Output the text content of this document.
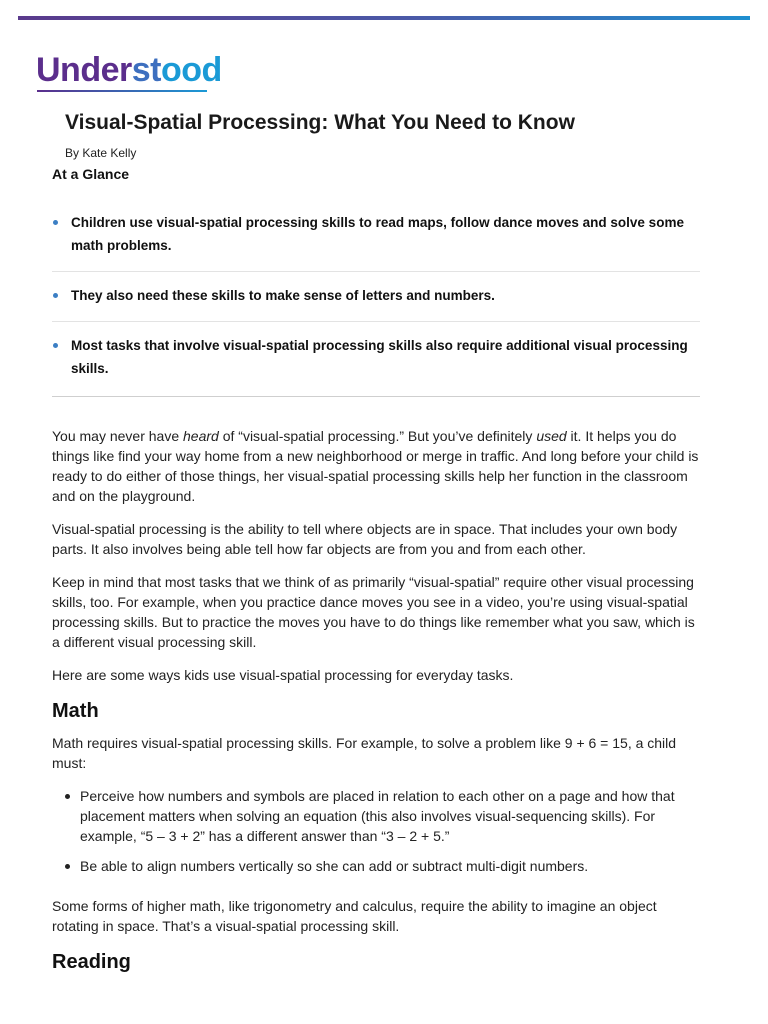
Understood
Visual-Spatial Processing: What You Need to Know
By Kate Kelly
At a Glance
Children use visual-spatial processing skills to read maps, follow dance moves and solve some math problems.
They also need these skills to make sense of letters and numbers.
Most tasks that involve visual-spatial processing skills also require additional visual processing skills.

You may never have heard of “visual-spatial processing.” But you’ve definitely used it. It helps you do things like find your way home from a new neighborhood or merge in traffic. And long before your child is ready to do either of those things, her visual-spatial processing skills help her function in the classroom and on the playground.

Visual-spatial processing is the ability to tell where objects are in space. That includes your own body parts. It also involves being able tell how far objects are from you and from each other.

Keep in mind that most tasks that we think of as primarily “visual-spatial” require other visual processing skills, too. For example, when you practice dance moves you see in a video, you’re using visual-spatial processing skills. But to practice the moves you have to do things like remember what you saw, which is a different visual processing skill.

Here are some ways kids use visual-spatial processing for everyday tasks.

Math

Math requires visual-spatial processing skills. For example, to solve a problem like 9 + 6 = 15, a child must:

Perceive how numbers and symbols are placed in relation to each other on a page and how that placement matters when solving an equation (this also involves visual-sequencing skills). For example, “5 – 3 + 2” has a different answer than “3 – 2 + 5.”
Be able to align numbers vertically so she can add or subtract multi-digit numbers.

Some forms of higher math, like trigonometry and calculus, require the ability to imagine an object rotating in space. That’s a visual-spatial processing skill.

Reading
